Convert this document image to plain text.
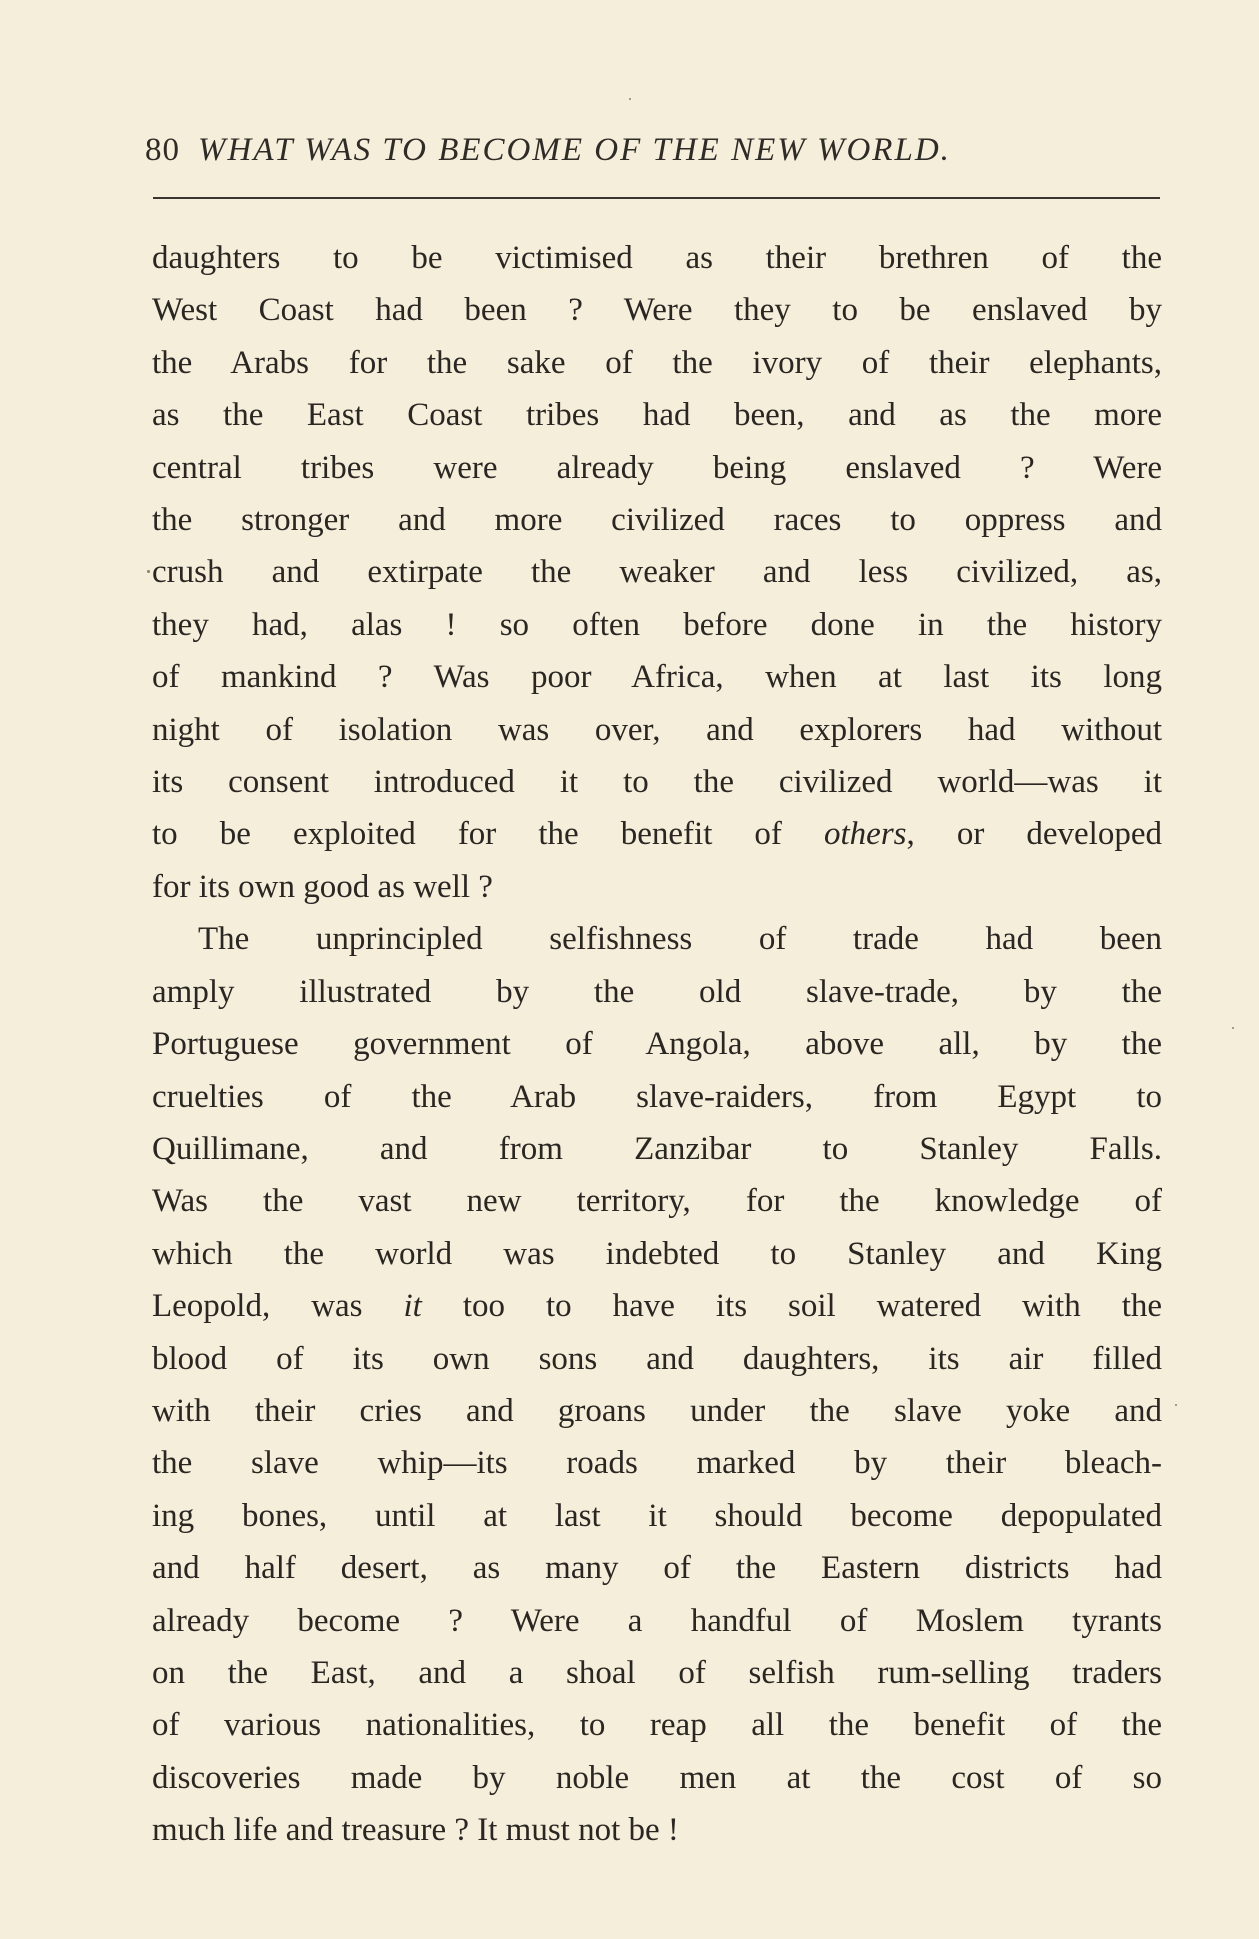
80 WHAT WAS TO BECOME OF THE NEW WORLD.
daughters to be victimised as their brethren of the
West Coast had been ? Were they to be enslaved by
the Arabs for the sake of the ivory of their elephants,
as the East Coast tribes had been, and as the more
central tribes were already being enslaved ? Were
the stronger and more civilized races to oppress and
crush and extirpate the weaker and less civilized, as,
they had, alas ! so often before done in the history
of mankind ? Was poor Africa, when at last its long
night of isolation was over, and explorers had without
its consent introduced it to the civilized world—was it
to be exploited for the benefit of others, or developed
for its own good as well ?
The unprincipled selfishness of trade had been
amply illustrated by the old slave-trade, by the
Portuguese government of Angola, above all, by the
cruelties of the Arab slave-raiders, from Egypt to
Quillimane, and from Zanzibar to Stanley Falls.
Was the vast new territory, for the knowledge of
which the world was indebted to Stanley and King
Leopold, was it too to have its soil watered with the
blood of its own sons and daughters, its air filled
with their cries and groans under the slave yoke and
the slave whip—its roads marked by their bleach-
ing bones, until at last it should become depopulated
and half desert, as many of the Eastern districts had
already become ? Were a handful of Moslem tyrants
on the East, and a shoal of selfish rum-selling traders
of various nationalities, to reap all the benefit of the
discoveries made by noble men at the cost of so
much life and treasure ? It must not be !
